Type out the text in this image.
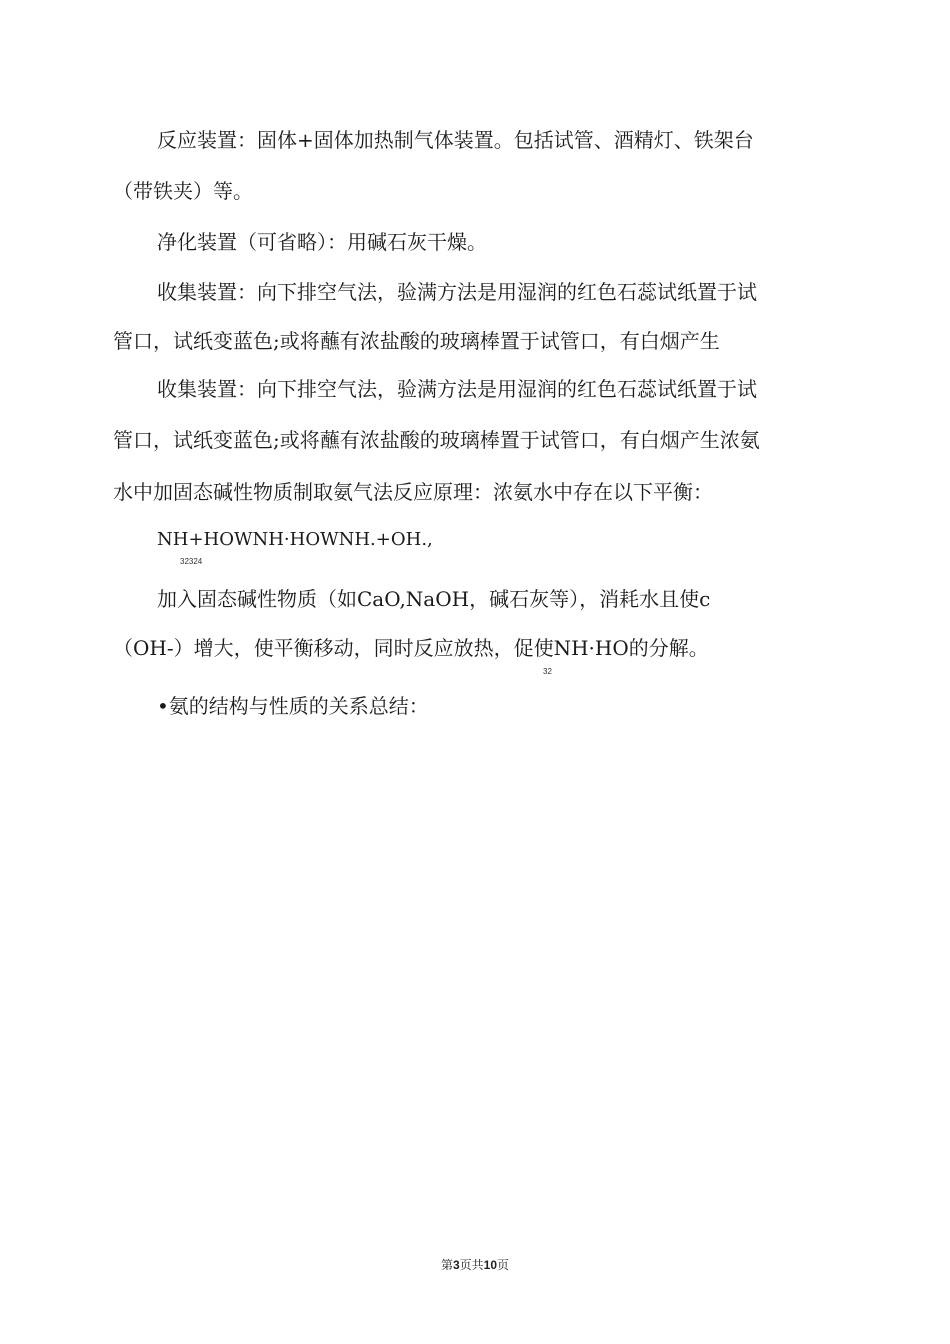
反应装置：固体+固体加热制气体装置。包括试管、酒精灯、铁架台
（带铁夹）等。
净化装置（可省略）：用碱石灰干燥。
收集装置：向下排空气法，验满方法是用湿润的红色石蕊试纸置于试
管口，试纸变蓝色;或将蘸有浓盐酸的玻璃棒置于试管口，有白烟产生
收集装置：向下排空气法，验满方法是用湿润的红色石蕊试纸置于试
管口，试纸变蓝色;或将蘸有浓盐酸的玻璃棒置于试管口，有白烟产生浓氨
水中加固态碱性物质制取氨气法反应原理：浓氨水中存在以下平衡：
NH+HOWNH·HOWNH.+OH.,
32324
加入固态碱性物质（如CaO,NaOH，碱石灰等），消耗水且使c
（OH-）增大，使平衡移动，同时反应放热，促使NH·HO的分解。
32
•氨的结构与性质的关系总结：
第3页共10页
